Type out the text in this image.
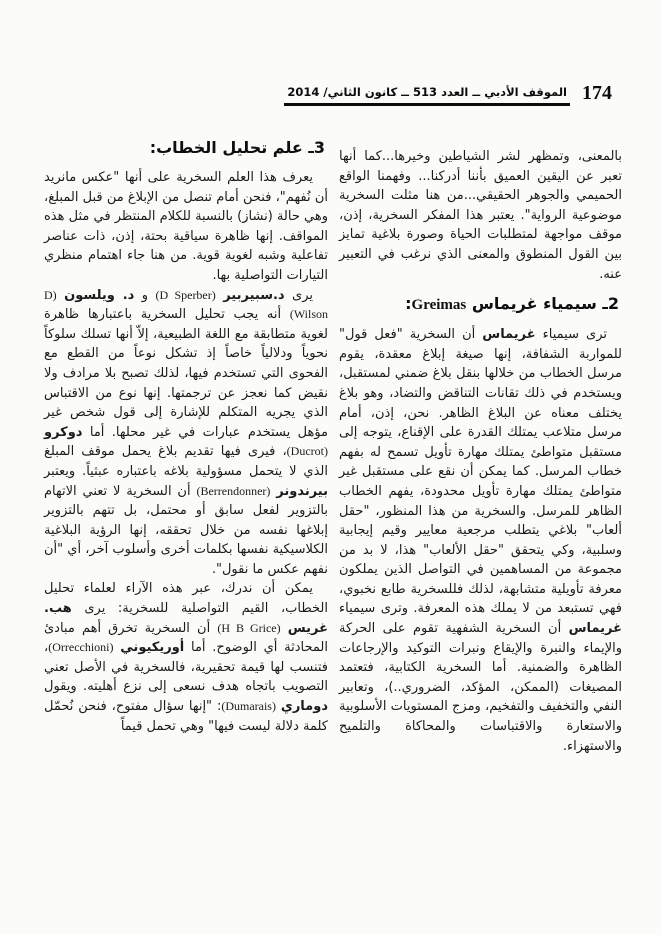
174
الموقف الأدبي ــ العدد 513 ــ كانون الثاني/ 2014
بالمعنى، وتمظهر لشر الشياطين وخيرها...كما أنها تعبر عن اليقين العميق بأننا أدركنا... وفهمنا الواقع الحميمي والجوهر الحقيقي...من هنا مثلت السخرية موضوعية الرواية". يعتبر هذا المفكر السخرية، إذن، موقف مواجهة لمتطلبات الحياة وصورة بلاغية تمايز بين القول المنطوق والمعنى الذي نرغب في التعبير عنه.
2ـ سيمياء غريماس Greimas:
ترى سيمياء غريماس أن السخرية "فعل قول" للمواربة الشفافة، إنها صيغة إبلاغ معقدة، يقوم مرسل الخطاب من خلالها بنقل بلاغ ضمني لمستقبل، ويستخدم في ذلك تقانات التناقض والتضاد، وهو بلاغ يختلف معناه عن البلاغ الظاهر. نحن، إذن، أمام مرسل متلاعب يمتلك القدرة على الإقناع، يتوجه إلى مستقبل متواطئ يمتلك مهارة تأويل تسمح له بفهم خطاب المرسل. كما يمكن أن نقع على مستقبل غير متواطئ يمتلك مهارة تأويل محدودة، يفهم الخطاب الظاهر للمرسل. والسخرية من هذا المنظور، "حقل ألعاب" بلاغي يتطلب مرجعية معايير وقيم إيجابية وسلبية، وكي يتحقق "حقل الألعاب" هذا، لا بد من مجموعة من المساهمين في التواصل الذين يملكون معرفة تأويلية متشابهة، لذلك فللسخرية طابع نخبوي، فهي تستبعد من لا يملك هذه المعرفة. وترى سيمياء غريماس أن السخرية الشفهية تقوم على الحركة والإيماء والنبرة والإيقاع ونبرات التوكيد والإرجاعات الظاهرة والضمنية. أما السخرية الكتابية، فتعتمد المصيغات (الممكن، المؤكد، الضروري..)، وتعابير النفي والتخفيف والتفخيم، ومزج المستويات الأسلوبية والاستعارة والاقتباسات والمحاكاة والتلميح والاستهزاء.
3ـ علم تحليل الخطاب:
يعرف هذا العلم السخرية على أنها "عكس مانريد أن نُفهم"، فنحن أمام تنصل من الإبلاغ من قبل المبلغ، وهي حالة (نشاز) بالنسبة للكلام المنتظر في مثل هذه المواقف. إنها ظاهرة سياقية بحتة، إذن، ذات عناصر تفاعلية وشبه لغوية قوية. من هنا جاء اهتمام منظري التيارات التواصلية بها.
يرى د.سبيربير (D Sperber) و د. ويلسون (D Wilson) أنه يجب تحليل السخرية باعتبارها ظاهرة لغوية متطابقة مع اللغة الطبيعية، إلاّ أنها تسلك سلوكاً نحوياً ودلالياً خاصاً إذ تشكل نوعاً من القطع مع الفحوى التي تستخدم فيها، لذلك تصبح بلا مرادف ولا نقيض كما نعجز عن ترجمتها. إنها نوع من الاقتباس الذي يجريه المتكلم للإشارة إلى قول شخص غير مؤهل يستخدم عبارات في غير محلها. أما دوكرو (Ducrot)، فيرى فيها تقديم بلاغ يحمل موقف المبلغ الذي لا يتحمل مسؤولية بلاغه باعتباره عبثياً. ويعتبر بيرندونر (Berrendonner) أن السخرية لا تعني الاتهام بالتزوير لفعل سابق أو محتمل، بل تتهم بالتزوير إبلاغها نفسه من خلال تحققه، إنها الرؤية البلاغية الكلاسيكية نفسها بكلمات أخرى وأسلوب آخر، أي "أن نفهم عكس ما نقول".
يمكن أن ندرك، عبر هذه الآراء لعلماء تحليل الخطاب، القيم التواصلية للسخرية: يرى هب. غريس (H B Grice) أن السخرية تخرق أهم مبادئ المحادثة أي الوضوح. أما أوريكيوني (Orrecchioni)، فتنسب لها قيمة تحقيرية، فالسخرية في الأصل تعني التصويب باتجاه هدف نسعى إلى نزع أهليته. ويقول دوماري (Dumarais): "إنها سؤال مفتوح، فنحن نُحمّل كلمة دلالة ليست فيها" وهي تحمل قيماً
